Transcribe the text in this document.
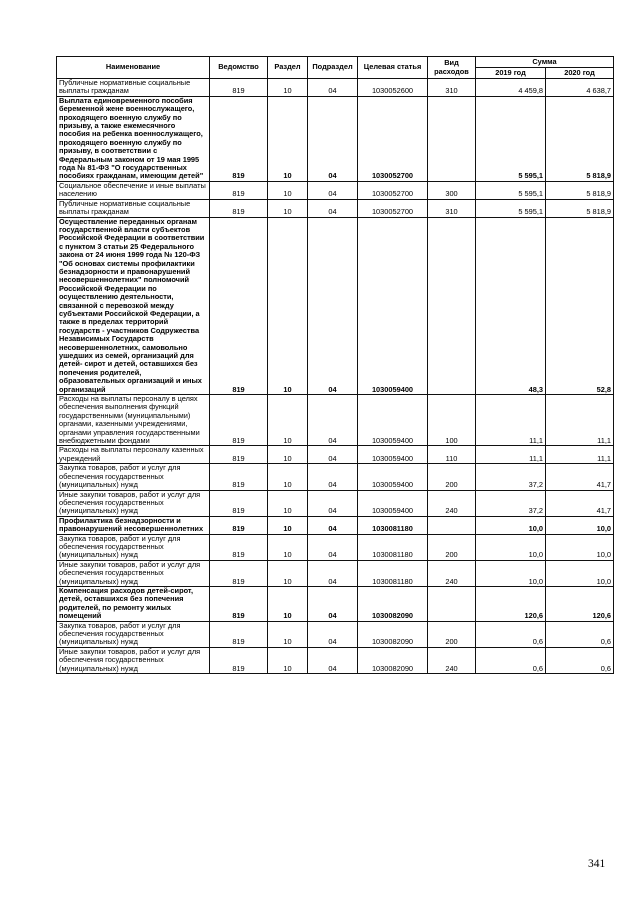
Наименование	Ведомство	Раздел	Подраздел	Целевая статья	Вид расходов	Сумма	
						2019 год	2020 год
Публичные нормативные социальные выплаты гражданам	819	10	04	1030052600	310	4 459,8	4 638,7
Выплата единовременного пособия беременной жене военнослужащего, проходящего военную службу по призыву, а также ежемесячного пособия на ребенка военнослужащего, проходящего военную службу по призыву, в соответствии с Федеральным законом от 19 мая 1995 года № 81-ФЗ "О государственных пособиях гражданам, имеющим детей"	819	10	04	1030052700		5 595,1	5 818,9
Социальное обеспечение и иные выплаты населению	819	10	04	1030052700	300	5 595,1	5 818,9
Публичные нормативные социальные выплаты гражданам	819	10	04	1030052700	310	5 595,1	5 818,9
Осуществление переданных органам государственной власти субъектов Российской Федерации в соответствии с пунктом 3 статьи 25 Федерального закона от 24 июня 1999 года № 120-ФЗ "Об основах системы профилактики безнадзорности и правонарушений несовершеннолетних" полномочий Российской Федерации по осуществлению деятельности, связанной с перевозкой между субъектами Российской Федерации, а также в пределах территорий государств - участников Содружества Независимых Государств несовершеннолетних, самовольно ушедших из семей, организаций для детей- сирот и детей, оставшихся без попечения родителей, образовательных организаций и иных организаций	819	10	04	1030059400		48,3	52,8
Расходы на выплаты персоналу в целях обеспечения выполнения функций государственными (муниципальными) органами, казенными учреждениями, органами управления государственными внебюджетными фондами	819	10	04	1030059400	100	11,1	11,1
Расходы на выплаты персоналу казенных учреждений	819	10	04	1030059400	110	11,1	11,1
Закупка товаров, работ и услуг для обеспечения государственных (муниципальных) нужд	819	10	04	1030059400	200	37,2	41,7
Иные закупки товаров, работ и услуг для обеспечения государственных (муниципальных) нужд	819	10	04	1030059400	240	37,2	41,7
Профилактика безнадзорности и правонарушений несовершеннолетних	819	10	04	1030081180		10,0	10,0
Закупка товаров, работ и услуг для обеспечения государственных (муниципальных) нужд	819	10	04	1030081180	200	10,0	10,0
Иные закупки товаров, работ и услуг для обеспечения государственных (муниципальных) нужд	819	10	04	1030081180	240	10,0	10,0
Компенсация расходов детей-сирот, детей, оставшихся без попечения родителей, по ремонту жилых помещений	819	10	04	1030082090		120,6	120,6
Закупка товаров, работ и услуг для обеспечения государственных (муниципальных) нужд	819	10	04	1030082090	200	0,6	0,6
Иные закупки товаров, работ и услуг для обеспечения государственных (муниципальных) нужд	819	10	04	1030082090	240	0,6	0,6
341
